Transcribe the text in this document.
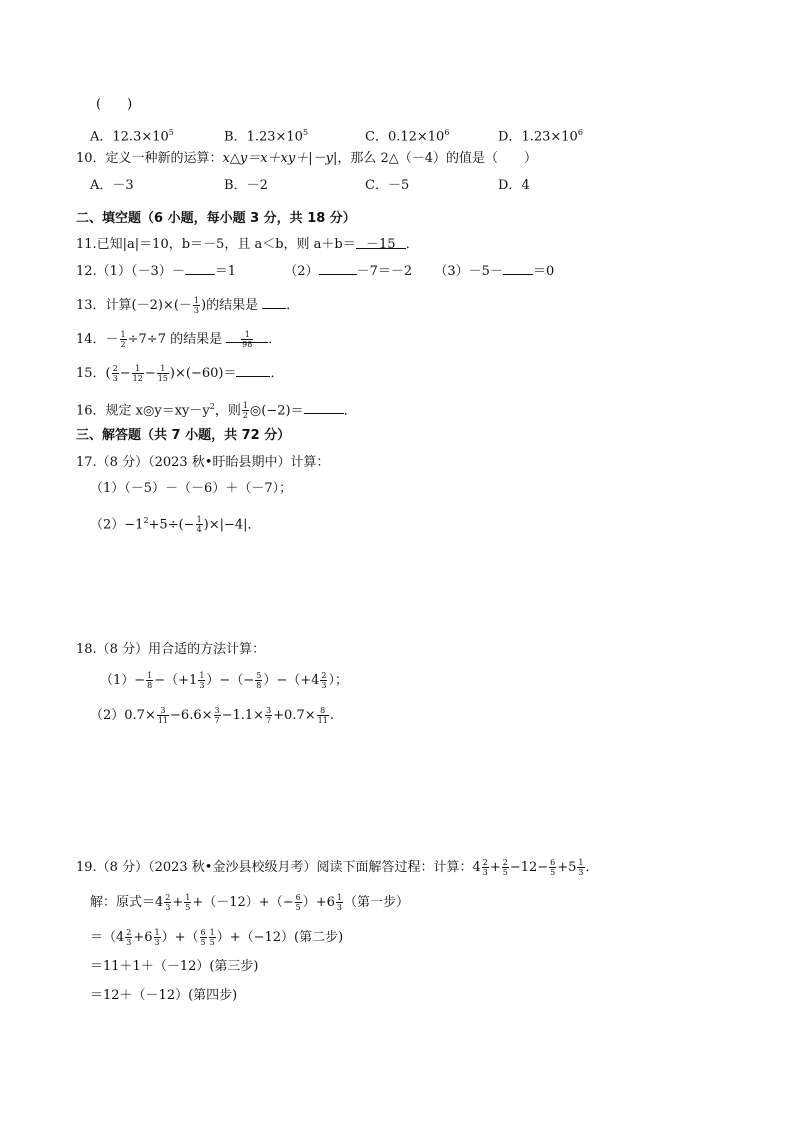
(　　)
A．$12.3\times 10^5$	B．$1.23\times 10^5$	C．$0.12\times 10^6$	D．$1.23\times 10^6$
10．定义一种新的运算：x△y＝x＋xy＋|－y|，那么 2△（－4）的值是（　　）
A．－3	B．－2	C．－5	D．4
二、填空题（6 小题，每小题 3 分，共 18 分）
11.已知|a|＝10，b＝－5，且 a＜b，则 a＋b＝ －15 ．
12.（1）（－3）－ ＝1	（2）	－7＝－2 （3）－5－ ＝0
13．计算$(-2)\times(- \frac{1}{3}$ )的结果是 ．
14．－ $\frac{1}{2} \div 7\div 7$ 的结果是 $\frac{1}{98}$ ．
15．( $\frac{2}{3} - \frac{1}{12} - \frac{1}{15} )\times(-60)=$	．
16．规定 $x◎y=xy-y^2$，则 $\frac{1}{2}$ ◎(−2)＝	．
三、解答题（共 7 小题，共 72 分）
17.（8 分）（2023 秋•盱眙县期中）计算：
（1）（－5）－（－6）＋（－7）；
$(2)-1^2+5\div(- \frac{1}{4} )\times|-4|$．
18.（8 分）用合适的方法计算：
$(1)- \frac{1}{8} -(+1 \frac{1}{3}$ ）−（− $\frac{5}{8} )-(+4 \frac{2}{3}$ ）；
$(2)0.7\times \frac{3}{11} -6.6\times \frac{3}{7} -1.1\times \frac{3}{7} +0.7\times \frac{8}{11}$ .
19.（8 分）（2023 秋•金沙县校级月考）阅读下面解答过程：计算：$4 \frac{2}{3} + \frac{2}{5} -12- \frac{6}{5} +5 \frac{1}{3}$ ．
解：原式$=4 \frac{2}{3} + \frac{1}{5} +(-12)+(- \frac{6}{5} )+6 \frac{1}{3}$ （第一步）
$=(4 \frac{2}{3} +6 \frac{1}{3}$ ）+（ $\frac{6}{5} \frac{1}{5} )+(-12)$(第二步)
＝11＋1＋（－12）(第三步)
＝12＋（－12）(第四步)
